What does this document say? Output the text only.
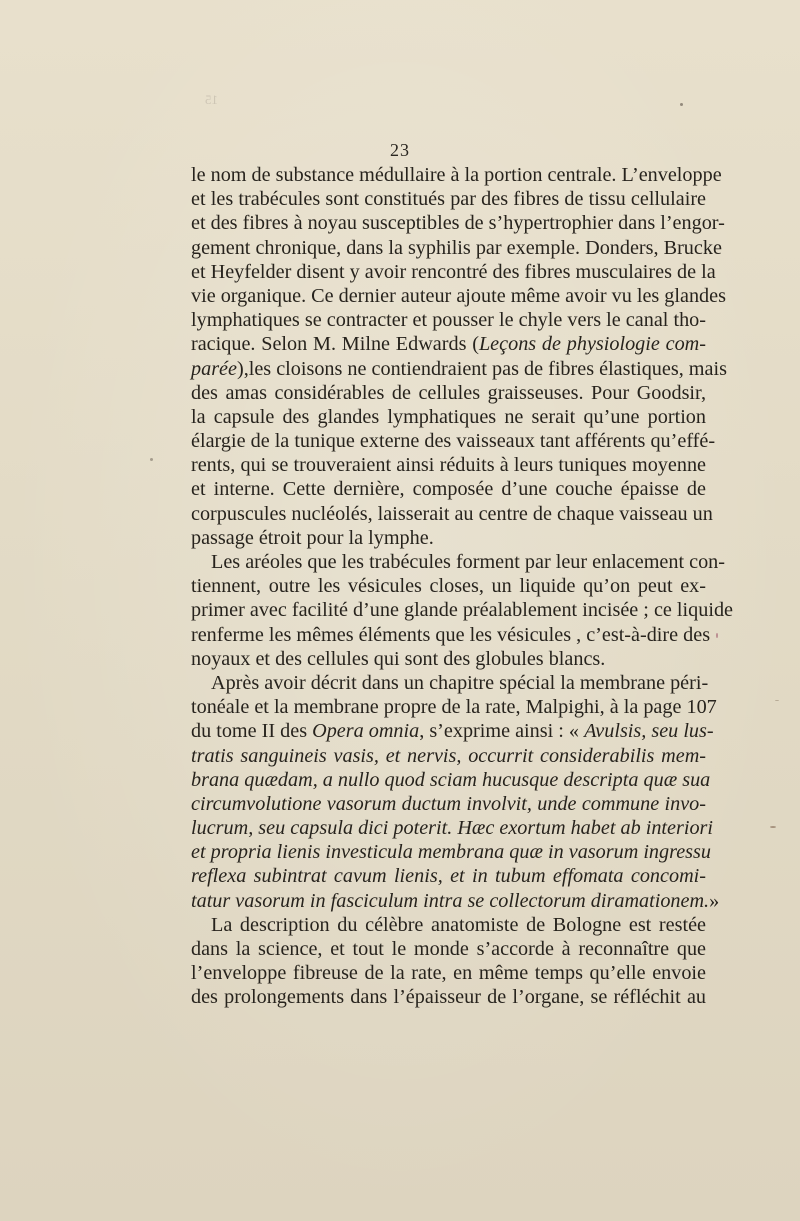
15
23
le nom de substance médullaire à la portion centrale. L’enveloppe
et les trabécules sont constitués par des fibres de tissu cellulaire
et des fibres à noyau susceptibles de s’hypertrophier dans l’engor-
gement chronique, dans la syphilis par exemple. Donders, Brucke
et Heyfelder disent y avoir rencontré des fibres musculaires de la
vie organique. Ce dernier auteur ajoute même avoir vu les glandes
lymphatiques se contracter et pousser le chyle vers le canal tho-
racique. Selon M. Milne Edwards (Leçons de physiologie com-
parée),les cloisons ne contiendraient pas de fibres élastiques, mais
des amas considérables de cellules graisseuses. Pour Goodsir,
la capsule des glandes lymphatiques ne serait qu’une portion
élargie de la tunique externe des vaisseaux tant afférents qu’effé-
rents, qui se trouveraient ainsi réduits à leurs tuniques moyenne
et interne. Cette dernière, composée d’une couche épaisse de
corpuscules nucléolés, laisserait au centre de chaque vaisseau un
passage étroit pour la lymphe.
Les aréoles que les trabécules forment par leur enlacement con-
tiennent, outre les vésicules closes, un liquide qu’on peut ex-
primer avec facilité d’une glande préalablement incisée ; ce liquide
renferme les mêmes éléments que les vésicules , c’est-à-dire des
noyaux et des cellules qui sont des globules blancs.
Après avoir décrit dans un chapitre spécial la membrane péri-
tonéale et la membrane propre de la rate, Malpighi, à la page 107
du tome II des Opera omnia, s’exprime ainsi : « Avulsis, seu lus-
tratis sanguineis vasis, et nervis, occurrit considerabilis mem-
brana quædam, a nullo quod sciam hucusque descripta quæ sua
circumvolutione vasorum ductum involvit, unde commune invo-
lucrum, seu capsula dici poterit. Hæc exortum habet ab interiori
et propria lienis investicula membrana quæ in vasorum ingressu
reflexa subintrat cavum lienis, et in tubum effomata concomi-
tatur vasorum in fasciculum intra se collectorum diramationem.»
La description du célèbre anatomiste de Bologne est restée
dans la science, et tout le monde s’accorde à reconnaître que
l’enveloppe fibreuse de la rate, en même temps qu’elle envoie
des prolongements dans l’épaisseur de l’organe, se réfléchit au
